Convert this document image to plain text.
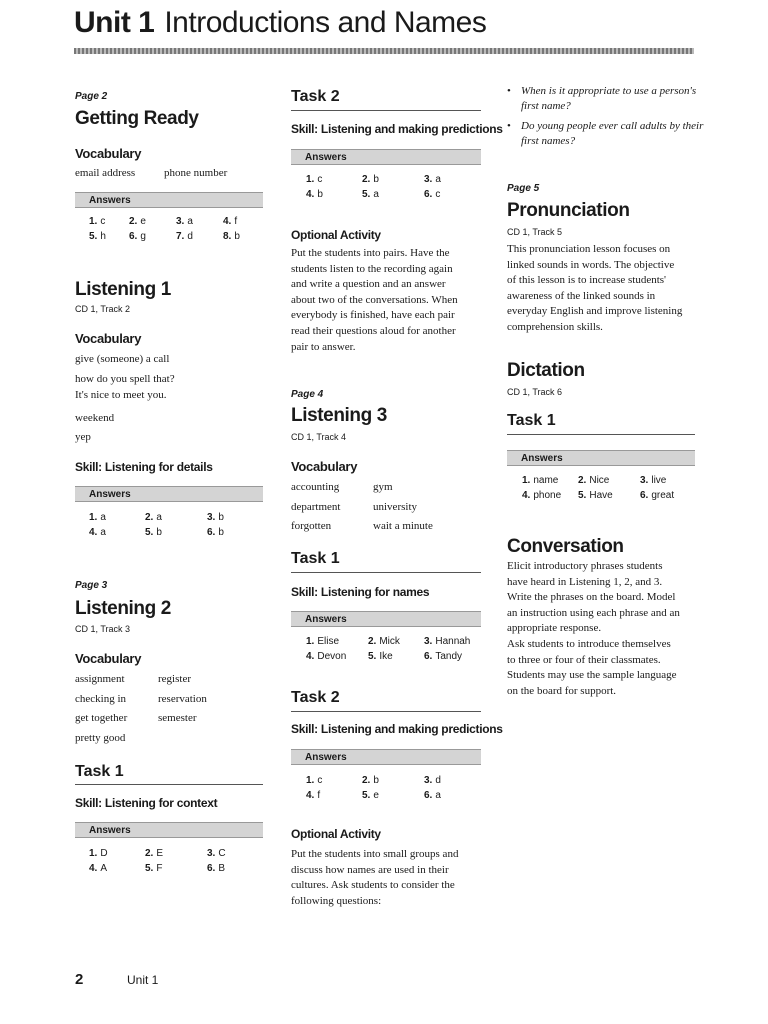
Unit 1 Introductions and Names
Page 2
Getting Ready
Vocabulary
email address	phone number
Answers
1. c	2. e	3. a	4. f
5. h	6. g	7. d	8. b
Listening 1
CD 1, Track 2
Vocabulary
give (someone) a call
how do you spell that?
It's nice to meet you.
weekend
yep
Skill: Listening for details
Answers
1. a	2. a	3. b
4. a	5. b	6. b
Page 3
Listening 2
CD 1, Track 3
Vocabulary
assignment
checking in
get together
pretty good
register
reservation
semester
Task 1
Skill: Listening for context
Answers
1. D	2. E	3. C
4. A	5. F	6. B
Task 2
Skill: Listening and making predictions
Answers
1. c	2. b	3. a
4. b	5. a	6. c
Optional Activity
Put the students into pairs. Have the
students listen to the recording again
and write a question and an answer
about two of the conversations. When
everybody is finished, have each pair
read their questions aloud for another
pair to answer.
Page 4
Listening 3
CD 1, Track 4
Vocabulary
accounting
department
forgotten
gym
university
wait a minute
Task 1
Skill: Listening for names
Answers
1. Elise	2. Mick	3. Hannah
4. Devon	5. Ike	6. Tandy
Task 2
Skill: Listening and making predictions
Answers
1. c	2. b	3. d
4. f	5. e	6. a
Optional Activity
Put the students into small groups and
discuss how names are used in their
cultures. Ask students to consider the
following questions:
• When is it appropriate to use a person's
first name?
• Do young people ever call adults by their
first names?
Page 5
Pronunciation
CD 1, Track 5
This pronunciation lesson focuses on
linked sounds in words. The objective
of this lesson is to increase students'
awareness of the linked sounds in
everyday English and improve listening
comprehension skills.
Dictation
CD 1, Track 6
Task 1
Answers
1. name	2. Nice	3. live
4. phone	5. Have	6. great
Conversation
Elicit introductory phrases students
have heard in Listening 1, 2, and 3.
Write the phrases on the board. Model
an instruction using each phrase and an
appropriate response.
Ask students to introduce themselves
to three or four of their classmates.
Students may use the sample language
on the board for support.
2	Unit 1
